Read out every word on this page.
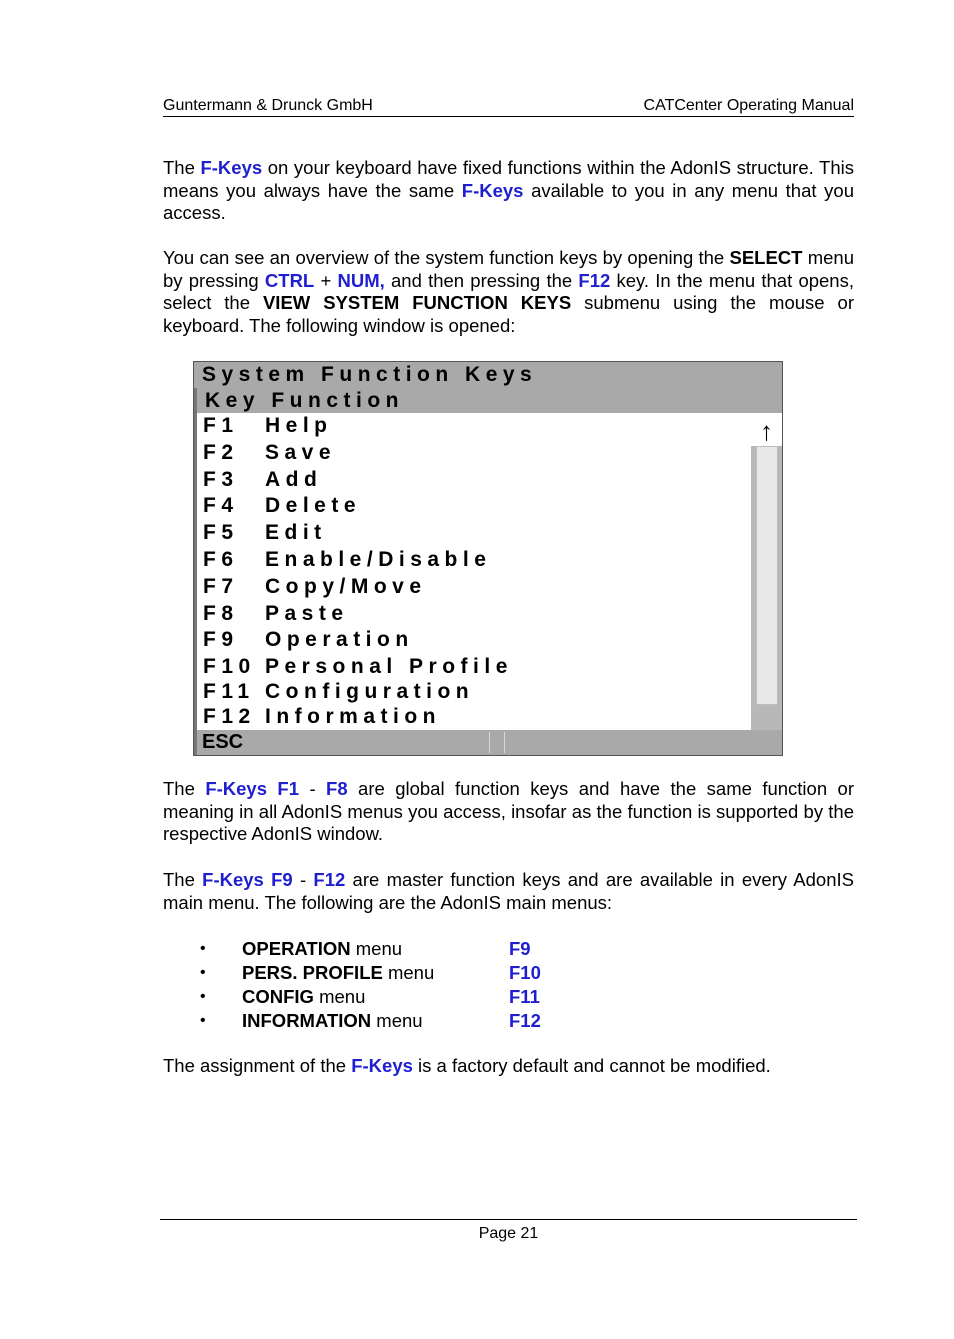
Guntermann & Drunck GmbH	CATCenter Operating Manual

The F-Keys on your keyboard have fixed functions within the AdonIS structure. This means you always have the same F-Keys available to you in any menu that you access.

You can see an overview of the system function keys by opening the SELECT menu by pressing CTRL + NUM, and then pressing the F12 key. In the menu that opens, select the VIEW SYSTEM FUNCTION KEYS submenu using the mouse or keyboard. The following window is opened:

System Function Keys
Key Function
F1 Help
F2 Save
F3 Add
F4 Delete
F5 Edit
F6 Enable/Disable
F7 Copy/Move
F8 Paste
F9 Operation
F10 Personal Profile
F11 Configuration
F12 Information
↑
ESC

The F-Keys F1 - F8 are global function keys and have the same function or meaning in all AdonIS menus you access, insofar as the function is supported by the respective AdonIS window.

The F-Keys F9 - F12 are master function keys and are available in every AdonIS main menu. The following are the AdonIS main menus:

• OPERATION menu	F9
• PERS. PROFILE menu	F10
• CONFIG menu	F11
• INFORMATION menu	F12

The assignment of the F-Keys is a factory default and cannot be modified.

Page 21
